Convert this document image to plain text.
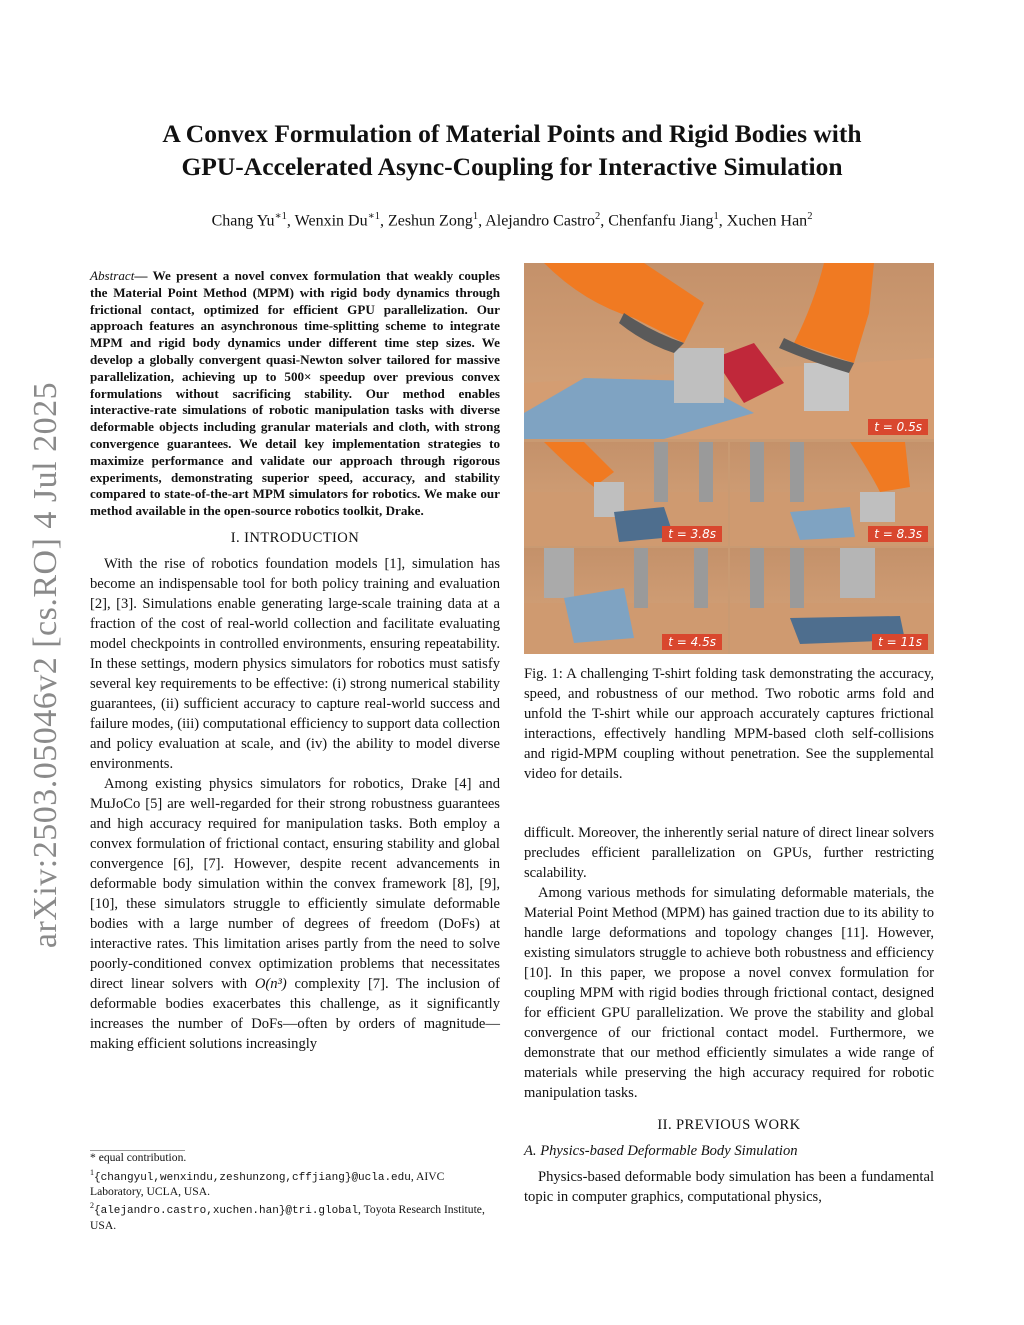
arXiv:2503.05046v2 [cs.RO] 4 Jul 2025
A Convex Formulation of Material Points and Rigid Bodies with
GPU-Accelerated Async-Coupling for Interactive Simulation
Chang $Yu^{∗1}$, Wenxin $Du^{∗1}$, Zeshun Zong$^1$, Alejandro Castro$^2$, Chenfanfu Jiang$^1$, Xuchen Han$^2$
Abstract— We present a novel convex formulation that weakly couples the Material Point Method (MPM) with rigid body dynamics through frictional contact, optimized for efficient GPU parallelization. Our approach features an asynchronous time-splitting scheme to integrate MPM and rigid body dynamics under different time step sizes. We develop a globally convergent quasi-Newton solver tailored for massive parallelization, achieving up to 500× speedup over previous convex formulations without sacrificing stability. Our method enables interactive-rate simulations of robotic manipulation tasks with diverse deformable objects including granular materials and cloth, with strong convergence guarantees. We detail key implementation strategies to maximize performance and validate our approach through rigorous experiments, demonstrating superior speed, accuracy, and stability compared to state-of-the-art MPM simulators for robotics. We make our method available in the open-source robotics toolkit, Drake.
I. INTRODUCTION

With the rise of robotics foundation models [1], simulation has become an indispensable tool for both policy training and evaluation [2], [3]. Simulations enable generating large-scale training data at a fraction of the cost of real-world collection and facilitate evaluating model checkpoints in controlled environments, ensuring repeatability. In these settings, modern physics simulators for robotics must satisfy several key requirements to be effective: (i) strong numerical stability guarantees, (ii) sufficient accuracy to capture real-world success and failure modes, (iii) computational efficiency to support data collection and policy evaluation at scale, and (iv) the ability to model diverse environments.

Among existing physics simulators for robotics, Drake [4] and MuJoCo [5] are well-regarded for their strong robustness guarantees and high accuracy required for manipulation tasks. Both employ a convex formulation of frictional contact, ensuring stability and global convergence [6], [7]. However, despite recent advancements in deformable body simulation within the convex framework [8], [9], [10], these simulators struggle to efficiently simulate deformable bodies with a large number of degrees of freedom (DoFs) at interactive rates. This limitation arises partly from the need to solve poorly-conditioned convex optimization problems that necessitates direct linear solvers with O(n³) complexity [7]. The inclusion of deformable bodies exacerbates this challenge, as it significantly increases the number of DoFs—often by orders of magnitude—making efficient solutions increasingly

* equal contribution.
$^1${changyul,wenxindu,zeshunzong,cffjiang}@ucla.edu, AIVC Laboratory, UCLA, USA.
$^2${alejandro.castro,xuchen.han}@tri.global, Toyota Research Institute, USA.
t = 0.5s
t = 3.8s	t = 8.3s
t = 4.5s	t = 11s
Fig. 1: A challenging T-shirt folding task demonstrating the accuracy, speed, and robustness of our method. Two robotic arms fold and unfold the T-shirt while our approach accurately captures frictional interactions, effectively handling MPM-based cloth self-collisions and rigid-MPM coupling without penetration. See the supplemental video for details.

difficult. Moreover, the inherently serial nature of direct linear solvers precludes efficient parallelization on GPUs, further restricting scalability.

Among various methods for simulating deformable materials, the Material Point Method (MPM) has gained traction due to its ability to handle large deformations and topology changes [11]. However, existing simulators struggle to achieve both robustness and efficiency [10]. In this paper, we propose a novel convex formulation for coupling MPM with rigid bodies through frictional contact, designed for efficient GPU parallelization. We prove the stability and global convergence of our frictional contact model. Furthermore, we demonstrate that our method efficiently simulates a wide range of materials while preserving the high accuracy required for robotic manipulation tasks.

II. PREVIOUS WORK
A. Physics-based Deformable Body Simulation

Physics-based deformable body simulation has been a fundamental topic in computer graphics, computational physics,
